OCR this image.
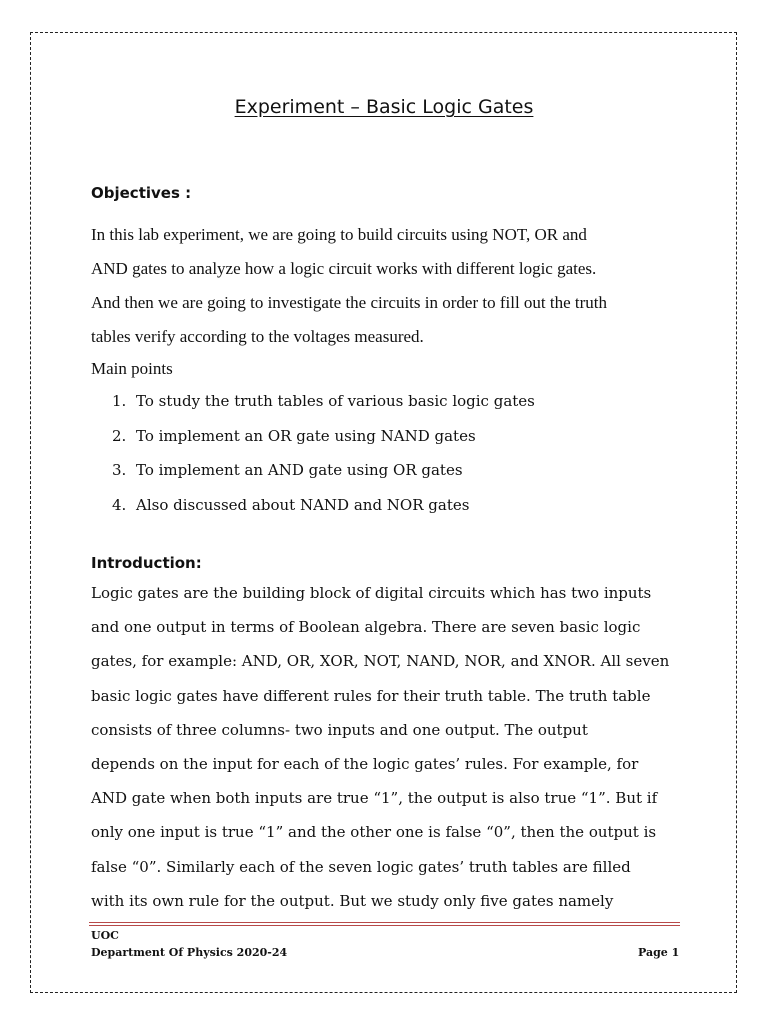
Experiment – Basic Logic Gates
Objectives :

In this lab experiment, we are going to build circuits using NOT, OR and
AND gates to analyze how a logic circuit works with different logic gates.
And then we are going to investigate the circuits in order to fill out the truth
tables verify according to the voltages measured.

Main points
1. To study the truth tables of various basic logic gates
2. To implement an OR gate using NAND gates
3. To implement an AND gate using OR gates
4. Also discussed about NAND and NOR gates
Introduction:

Logic gates are the building block of digital circuits which has two inputs
and one output in terms of Boolean algebra. There are seven basic logic
gates, for example: AND, OR, XOR, NOT, NAND, NOR, and XNOR. All seven
basic logic gates have different rules for their truth table. The truth table
consists of three columns- two inputs and one output. The output
depends on the input for each of the logic gates’ rules. For example, for
AND gate when both inputs are true “1”, the output is also true “1”. But if
only one input is true “1” and the other one is false “0”, then the output is
false “0”. Similarly each of the seven logic gates’ truth tables are filled
with its own rule for the output. But we study only five gates namely

UOC
Department Of Physics 2020-24	Page 1
